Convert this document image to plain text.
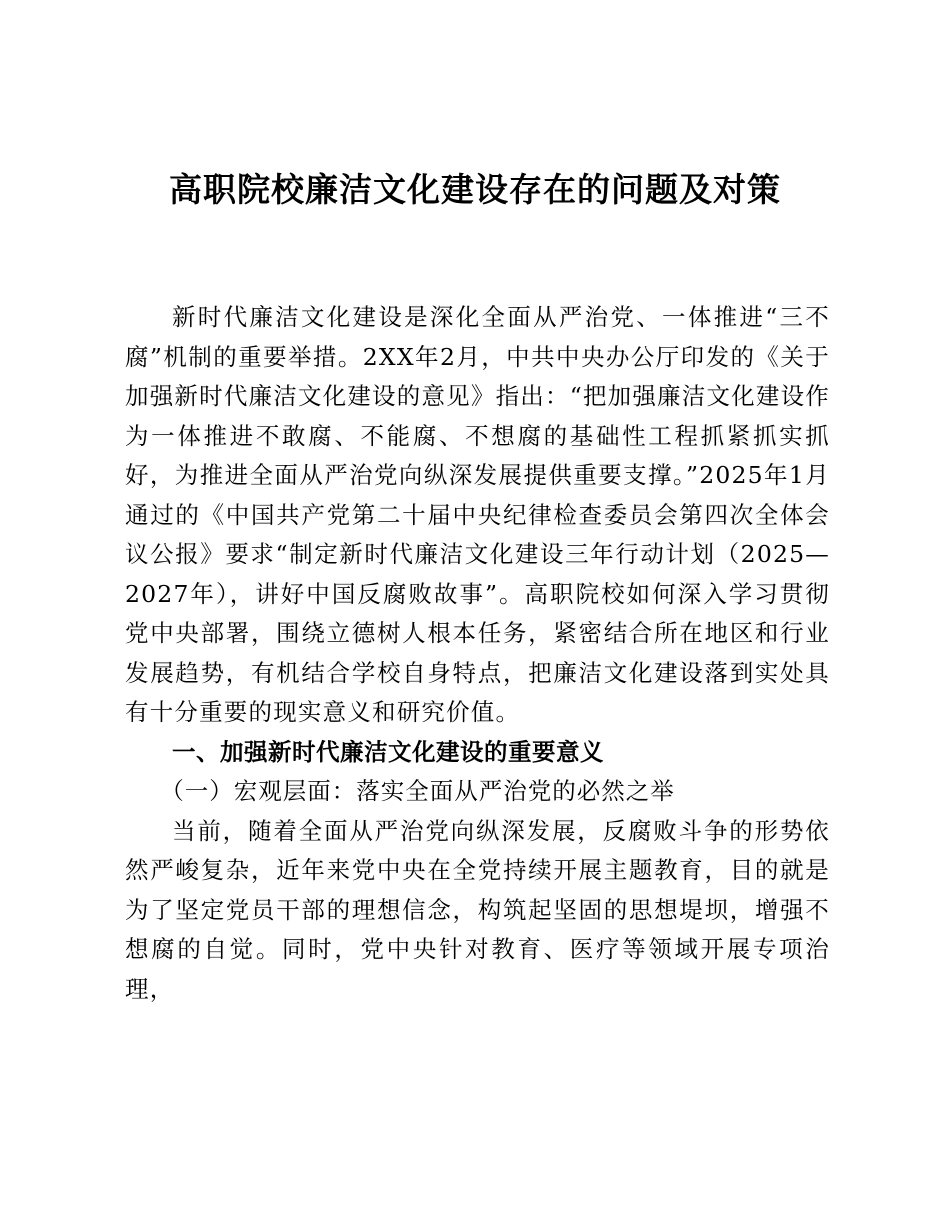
高职院校廉洁文化建设存在的问题及对策

新时代廉洁文化建设是深化全面从严治党、一体推进“三不腐”机制的重要举措。2XX年2月，中共中央办公厅印发的《关于加强新时代廉洁文化建设的意见》指出：“把加强廉洁文化建设作为一体推进不敢腐、不能腐、不想腐的基础性工程抓紧抓实抓好，为推进全面从严治党向纵深发展提供重要支撑。”2025年1月通过的《中国共产党第二十届中央纪律检查委员会第四次全体会议公报》要求“制定新时代廉洁文化建设三年行动计划（2025—2027年），讲好中国反腐败故事”。高职院校如何深入学习贯彻党中央部署，围绕立德树人根本任务，紧密结合所在地区和行业发展趋势，有机结合学校自身特点，把廉洁文化建设落到实处具有十分重要的现实意义和研究价值。

一、加强新时代廉洁文化建设的重要意义
（一）宏观层面：落实全面从严治党的必然之举

当前，随着全面从严治党向纵深发展，反腐败斗争的形势依然严峻复杂，近年来党中央在全党持续开展主题教育，目的就是为了坚定党员干部的理想信念，构筑起坚固的思想堤坝，增强不想腐的自觉。同时，党中央针对教育、医疗等领域开展专项治理，
